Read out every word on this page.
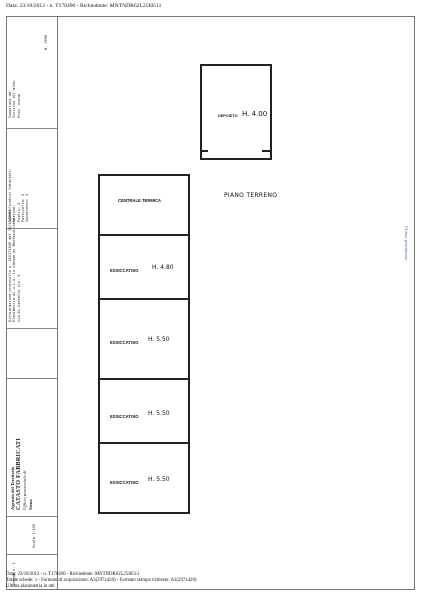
Data: 23/10/2012 - n. T170490 - Richiedente: MNTNDR62L25I0511
Compilata da: Iscritto all'albo: Prov. Siena
N. 2090
Identificativi Catastali: Sezione: Foglio: 2 Particella: 2 Subalterno: 5
Dichiarazione protocollo n. SI0171640 del 16/10/2008 Planimetria di u.i.u. in Comune di Montepulciano Via Di Castello civ. 5
Agenzia del Territorio CATASTO FABBRICATI Ufficio provinciale di Siena
Scala 1:100
Scheda n. 1
Ultima planimetria
DEPOSITO H. 4.00
PIANO TERRENO
CENTRALE TERMICA
ESSICCATOIO H. 4.80
ESSICCATOIO H. 5.50
ESSICCATOIO H. 5.50
ESSICCATOIO H. 5.50
Data: 23/10/2012 - n. T170490 - Richiedente: MNTNDR62L25I0511
Totale schede: 1 - Formato di acquisizione: A3(297x420) - Formato stampa richiesto: A3(297x420)
Ultima planimetria in atti
